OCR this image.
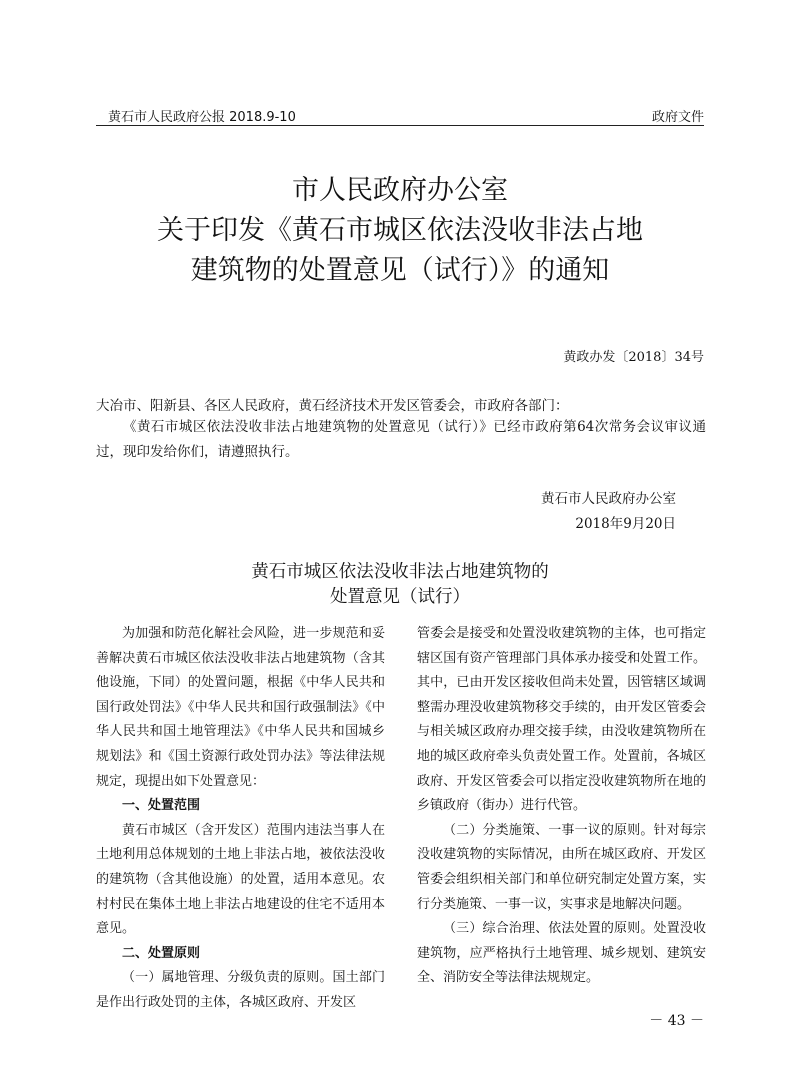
黄石市人民政府公报 2018.9-10	政府文件
市人民政府办公室
关于印发《黄石市城区依法没收非法占地
建筑物的处置意见（试行）》的通知
黄政办发〔2018〕34号
大冶市、阳新县、各区人民政府，黄石经济技术开发区管委会，市政府各部门：
《黄石市城区依法没收非法占地建筑物的处置意见（试行）》已经市政府第64次常务会议审议通过，现印发给你们，请遵照执行。
黄石市人民政府办公室
2018年9月20日
黄石市城区依法没收非法占地建筑物的
处置意见（试行）

为加强和防范化解社会风险，进一步规范和妥善解决黄石市城区依法没收非法占地建筑物（含其他设施，下同）的处置问题，根据《中华人民共和国行政处罚法》《中华人民共和国行政强制法》《中华人民共和国土地管理法》《中华人民共和国城乡规划法》和《国土资源行政处罚办法》等法律法规规定，现提出如下处置意见：

一、处置范围

黄石市城区（含开发区）范围内违法当事人在土地利用总体规划的土地上非法占地，被依法没收的建筑物（含其他设施）的处置，适用本意见。农村村民在集体土地上非法占地建设的住宅不适用本意见。

二、处置原则

（一）属地管理、分级负责的原则。国土部门是作出行政处罚的主体，各城区政府、开发区

管委会是接受和处置没收建筑物的主体，也可指定辖区国有资产管理部门具体承办接受和处置工作。其中，已由开发区接收但尚未处置，因管辖区域调整需办理没收建筑物移交手续的，由开发区管委会与相关城区政府办理交接手续，由没收建筑物所在地的城区政府牵头负责处置工作。处置前，各城区政府、开发区管委会可以指定没收建筑物所在地的乡镇政府（街办）进行代管。

（二）分类施策、一事一议的原则。针对每宗没收建筑物的实际情况，由所在城区政府、开发区管委会组织相关部门和单位研究制定处置方案，实行分类施策、一事一议，实事求是地解决问题。

（三）综合治理、依法处置的原则。处置没收建筑物，应严格执行土地管理、城乡规划、建筑安全、消防安全等法律法规规定。

－ 43 －
